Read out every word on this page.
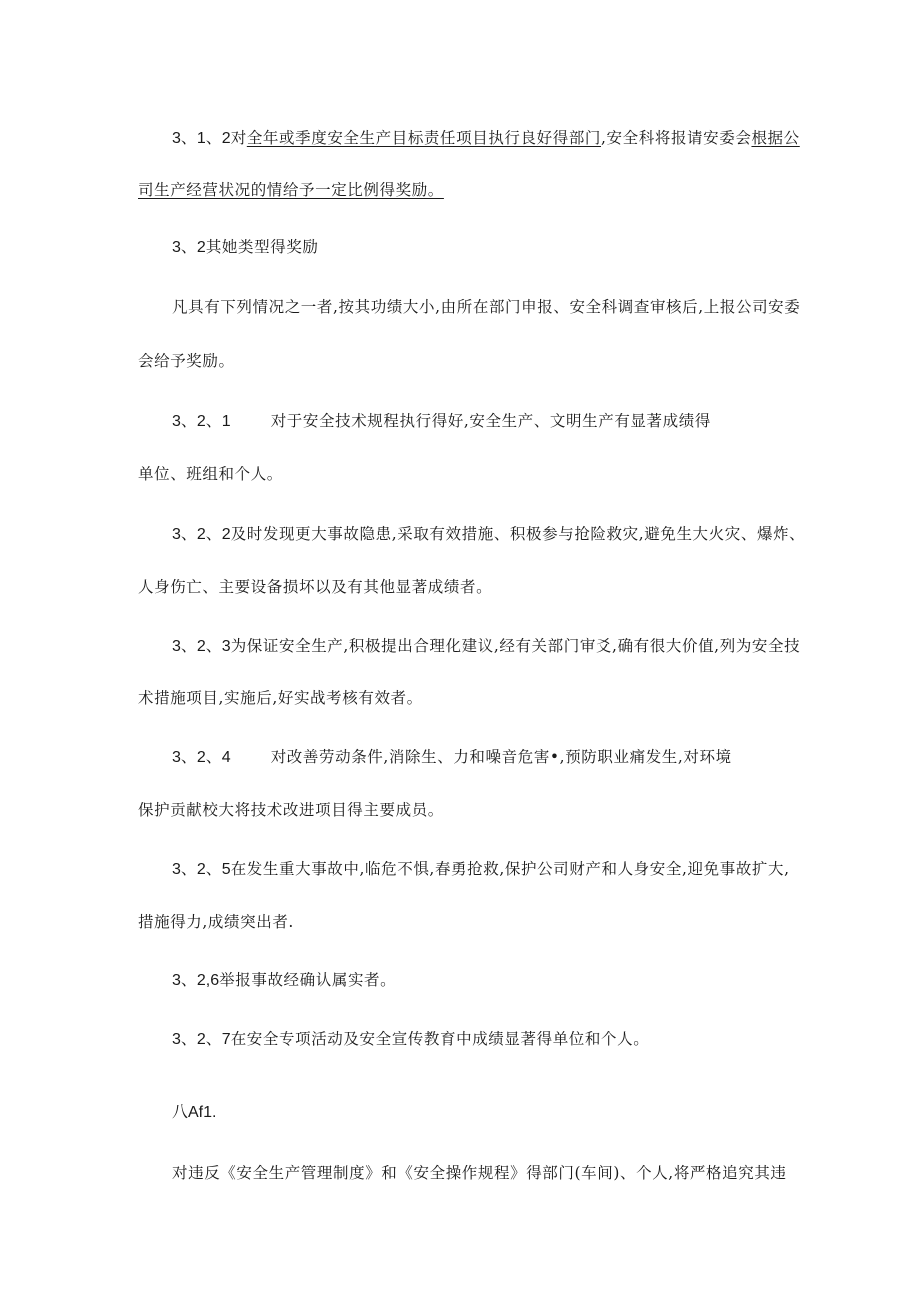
3、1、2对全年或季度安全生产目标责任项目执行良好得部门,安全科将报请安委会根据公
司生产经营状况的情给予一定比例得奖励。
3、2其她类型得奖励
凡具有下列情况之一者,按其功绩大小,由所在部门申报、安全科调查审核后,上报公司安委
会给予奖励。
3、2、1	对于安全技术规程执行得好,安全生产、文明生产有显著成绩得
单位、班组和个人。
3、2、2及时发现更大事故隐患,采取有效措施、积极参与抢险救灾,避免生大火灾、爆炸、
人身伤亡、主要设备损坏以及有其他显著成绩者。
3、2、3为保证安全生产,积极提出合理化建议,经有关部门审爻,确有很大价值,列为安全技
术措施项目,实施后,好实战考核有效者。
3、2、4	对改善劳动条件,消除生、力和噪音危害•,预防职业痛发生,对环境
保护贡献校大将技术改进项目得主要成员。
3、2、5在发生重大事故中,临危不惧,春勇抢救,保护公司财产和人身安全,迎免事故扩大,
措施得力,成绩突出者.
3、2,6举报事故经确认属实者。
3、2、7在安全专项活动及安全宣传教育中成绩显著得单位和个人。
八Af1.
对违反《安全生产管理制度》和《安全操作规程》得部门(车间)、个人,将严格追究其违
